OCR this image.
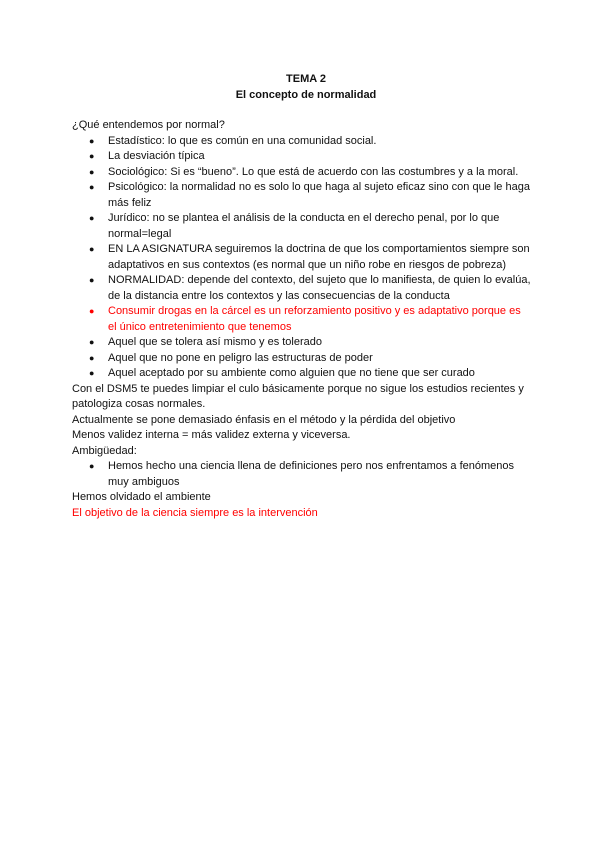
TEMA 2

El concepto de normalidad

¿Qué entendemos por normal?

● Estadístico: lo que es común en una comunidad social.
● La desviación típica
● Sociológico: Si es “bueno”. Lo que está de acuerdo con las costumbres y a la moral.
● Psicológico: la normalidad no es solo lo que haga al sujeto eficaz sino con que le haga más feliz
● Jurídico: no se plantea el análisis de la conducta en el derecho penal, por lo que normal=legal
● EN LA ASIGNATURA seguiremos la doctrina de que los comportamientos siempre son adaptativos en sus contextos (es normal que un niño robe en riesgos de pobreza)
● NORMALIDAD: depende del contexto, del sujeto que lo manifiesta, de quien lo evalúa, de la distancia entre los contextos y las consecuencias de la conducta
● Consumir drogas en la cárcel es un reforzamiento positivo y es adaptativo porque es el único entretenimiento que tenemos
● Aquel que se tolera así mismo y es tolerado
● Aquel que no pone en peligro las estructuras de poder
● Aquel aceptado por su ambiente como alguien que no tiene que ser curado

Con el DSM5 te puedes limpiar el culo básicamente porque no sigue los estudios recientes y patologiza cosas normales.

Actualmente se pone demasiado énfasis en el método y la pérdida del objetivo

Menos validez interna = más validez externa y viceversa.

Ambigüedad:

● Hemos hecho una ciencia llena de definiciones pero nos enfrentamos a fenómenos muy ambiguos

Hemos olvidado el ambiente

El objetivo de la ciencia siempre es la intervención
